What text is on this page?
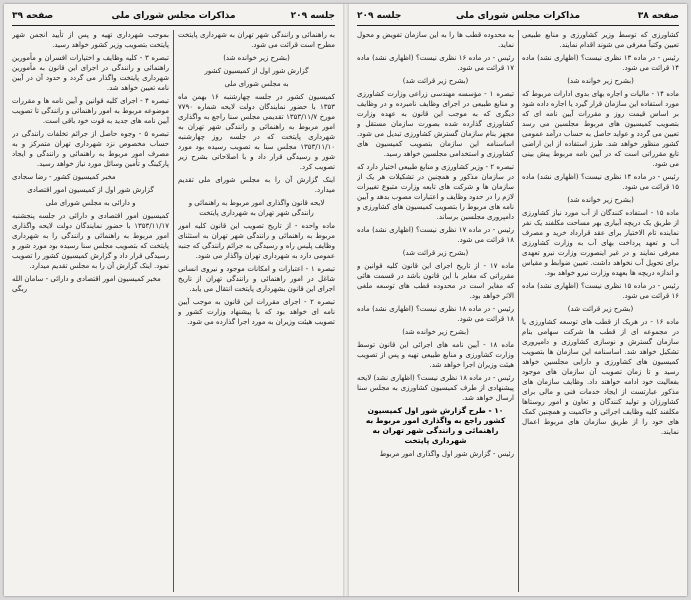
جلسه ۲۰۹
مذاکرات مجلس شورای ملی
صفحه ۳۹

به راهنمائی و رانندگی شهر تهران به شهرداری پایتخت مطرح است قرائت می شود.

(بشرح زیر خوانده شد)

گزارش شور اول از کمیسیون کشور

به مجلس شورای ملی

کمیسیون کشور در جلسه چهارشنبه ۱۶ بهمن ماه ۱۳۵۳ با حضور نمایندگان دولت لایحه شماره ۷۷۹۰ مورخ ۱۳۵۳/۱۱/۷ تقدیمی مجلس سنا راجع به واگذاری امور مربوط به راهنمائی و رانندگی شهر تهران به شهرداری پایتخت که در جلسه روز چهارشنبه ۱۳۵۳/۱۱/۱۰ مجلس سنا به تصویب رسیده بود مورد شور و رسیدگی قرار داد و با اصلاحاتی بشرح زیر تصویب کرد.

اینک گزارش آن را به مجلس شورای ملی تقدیم میدارد.

لایحه قانون واگذاری امور مربوط به راهنمائی و رانندگی شهر تهران به شهرداری پایتخت

ماده واحده - از تاریخ تصویب این قانون کلیه امور مربوط به راهنمائی و رانندگی شهر تهران به استثنای وظایف پلیس راه و رسیدگی به جرائم رانندگی که جنبه عمومی دارد به شهرداری تهران واگذار می شود.

تبصره ۱ - اعتبارات و امکانات موجود و نیروی انسانی شاغل در امور راهنمائی و رانندگی تهران از تاریخ اجرای این قانون بشهرداری پایتخت انتقال می یابد.

تبصره ۲ - اجرای مقررات این قانون به موجب آیین نامه ای خواهد بود که با پیشنهاد وزارت کشور و تصویب هیئت وزیران به مورد اجرا گذارده می شود.

بموجب شهرداری تهیه و پس از تأیید انجمن شهر پایتخت بتصویب وزیر کشور خواهد رسید.

تبصره ۳ - کلیه وظایف و اختیارات افسران و مأمورین راهنمائی و رانندگی در اجرای این قانون به مأمورین شهرداری پایتخت واگذار می گردد و حدود آن در آیین نامه تعیین خواهد شد.

تبصره ۴ - اجرای کلیه قوانین و آیین نامه ها و مقررات موضوعه مربوط به امور راهنمائی و رانندگی تا تصویب آیین نامه های جدید به قوت خود باقی است.

تبصره ۵ - وجوه حاصل از جرائم تخلفات رانندگی در حساب مخصوص نزد شهرداری تهران متمرکز و به مصرف امور مربوط به راهنمائی و رانندگی و ایجاد پارکینگ و تأمین وسائل مورد نیاز خواهد رسید.

مخبر کمیسیون کشور - رضا سجادی

گزارش شور اول از کمیسیون امور اقتصادی

و دارائی به مجلس شورای ملی

کمیسیون امور اقتصادی و دارائی در جلسه پنجشنبه ۱۳۵۳/۱۱/۱۷ با حضور نمایندگان دولت لایحه واگذاری امور مربوط به راهنمائی و رانندگی را به شهرداری پایتخت که بتصویب مجلس سنا رسیده بود مورد شور و رسیدگی قرار داد و گزارش کمیسیون کشور را تصویب نمود. اینک گزارش آن را به مجلس تقدیم میدارد.

مخبر کمیسیون امور اقتصادی و دارائی - سامان الله ربگی

صفحه ۳۸
مذاکرات مجلس شورای ملی
جلسه ۲۰۹

کشاورزی که توسط وزیر کشاورزی و منابع طبیعی تعیین وکتباً معرفی می شوند اقدام نمایند.

رئیس - در ماده ۱۳ نظری نیست؟ (اظهاری نشد) ماده ۱۴ قرائت می شود.

(بشرح زیر خوانده شد)

ماده ۱۴ - مالیات و اجاره بهای بدوی ادارات مربوط که مورد استفاده این سازمان قرار گیرد یا اجاره داده شود بر اساس قیمت روز و مقررات آیین نامه ای که بتصویب کمیسیون های مربوط مجلسین می رسد تعیین می گردد و عواید حاصل به حساب درآمد عمومی کشور منظور خواهد شد. طرز استفاده از این اراضی تابع مقرراتی است که در آیین نامه مربوط پیش بینی می شود.

رئیس - در ماده ۱۴ نظری نیست؟ (اظهاری نشد) ماده ۱۵ قرائت می شود.

(بشرح زیر خوانده شد)

ماده ۱۵ - استفاده کنندگان از آب مورد نیاز کشاورزی از طریق یک دریچه آبیاری بهر مساحت مکلفند یک نفر نماینده تام الاختیار برای عقد قرارداد خرید و مصرف آب و تعهد پرداخت بهای آب به وزارت کشاورزی معرفی نمایند و در غیر اینصورت وزارت نیرو تعهدی برای تحویل آب نخواهد داشت. تعیین ضوابط و مقیاس و اندازه دریچه ها بعهده وزارت نیرو خواهد بود.

رئیس - در ماده ۱۵ نظری نیست؟ (اظهاری نشد) ماده ۱۶ قرائت می شود.

(بشرح زیر قرائت شد)

ماده ۱۶ - در هریک از قطب های توسعه کشاورزی یا در مجموعه ای از قطب ها شرکت سهامی بنام سازمان گسترش و نوسازی کشاورزی و دامپروری تشکیل خواهد شد. اساسنامه این سازمان ها بتصویب کمیسیون های کشاورزی و دارایی مجلسین خواهد رسید و تا زمان تصویب آن سازمان های موجود بفعالیت خود ادامه خواهند داد. وظایف سازمان های مذکور عبارتست از ایجاد خدمات فنی و مالی برای کشاورزان و تولید کنندگان و تعاون و امور روستاها مکلفند کلیه وظایف اجرائی و حاکمیت و همچنین کمک های خود را از طریق سازمان های مربوط اعمال نمایند.

به محدوده قطب ها را به این سازمان تفویض و محول نماید.

رئیس - در ماده ۱۶ نظری نیست؟ (اظهاری نشد) ماده ۱۷ قرائت می شود.

(بشرح زیر قرائت شد)

تبصره ۱ - مؤسسه مهندسی زراعی وزارت کشاورزی و منابع طبیعی در اجرای وظایف نامبرده و در وظایف دیگری که به موجب این قانون به عهده وزارت کشاورزی گذارده شده بصورت سازمان مستقل و مجهز بنام سازمان گسترش کشاورزی تبدیل می شود. اساسنامه این سازمان بتصویب کمیسیون های کشاورزی و استخدامی مجلسین خواهد رسید.

تبصره ۲ - وزیر کشاورزی و منابع طبیعی اختیار دارد که در سازمان مذکور و همچنین در تشکیلات هر یک از سازمان ها و شرکت های تابعه وزارت متبوع تغییرات لازم را در حدود وظایف و اعتبارات مصوب بدهد و آیین نامه های مربوط را بتصویب کمیسیون های کشاورزی و دامپروری مجلسین برساند.

رئیس - در ماده ۱۷ نظری نیست؟ (اظهاری نشد) ماده ۱۸ قرائت می شود.

(بشرح زیر قرائت شد)

ماده ۱۷ - از تاریخ اجرای این قانون کلیه قوانین و مقرراتی که مغایر با این قانون باشد در قسمت هائی که مغایر است در محدوده قطب های توسعه ملغی الاثر خواهد بود.

رئیس - در ماده ۱۸ نظری نیست؟ (اظهاری نشد) ماده ۱۸ قرائت می شود.

(بشرح زیر خوانده شد)

ماده ۱۸ - آیین نامه های اجرائی این قانون توسط وزارت کشاورزی و منابع طبیعی تهیه و پس از تصویب هیئت وزیران اجرا خواهد شد.

رئیس - در ماده ۱۸ نظری نیست؟ (اظهاری نشد) لایحه پیشنهادی از طرف کمیسیون کشاورزی به مجلس سنا ارسال خواهد شد.

۱۰ - طرح گزارش شور اول کمیسیون کشور راجع به واگذاری امور مربوط به راهنمائی و رانندگی شهر تهران به شهرداری پایتخت

رئیس - گزارش شور اول واگذاری امور مربوط
